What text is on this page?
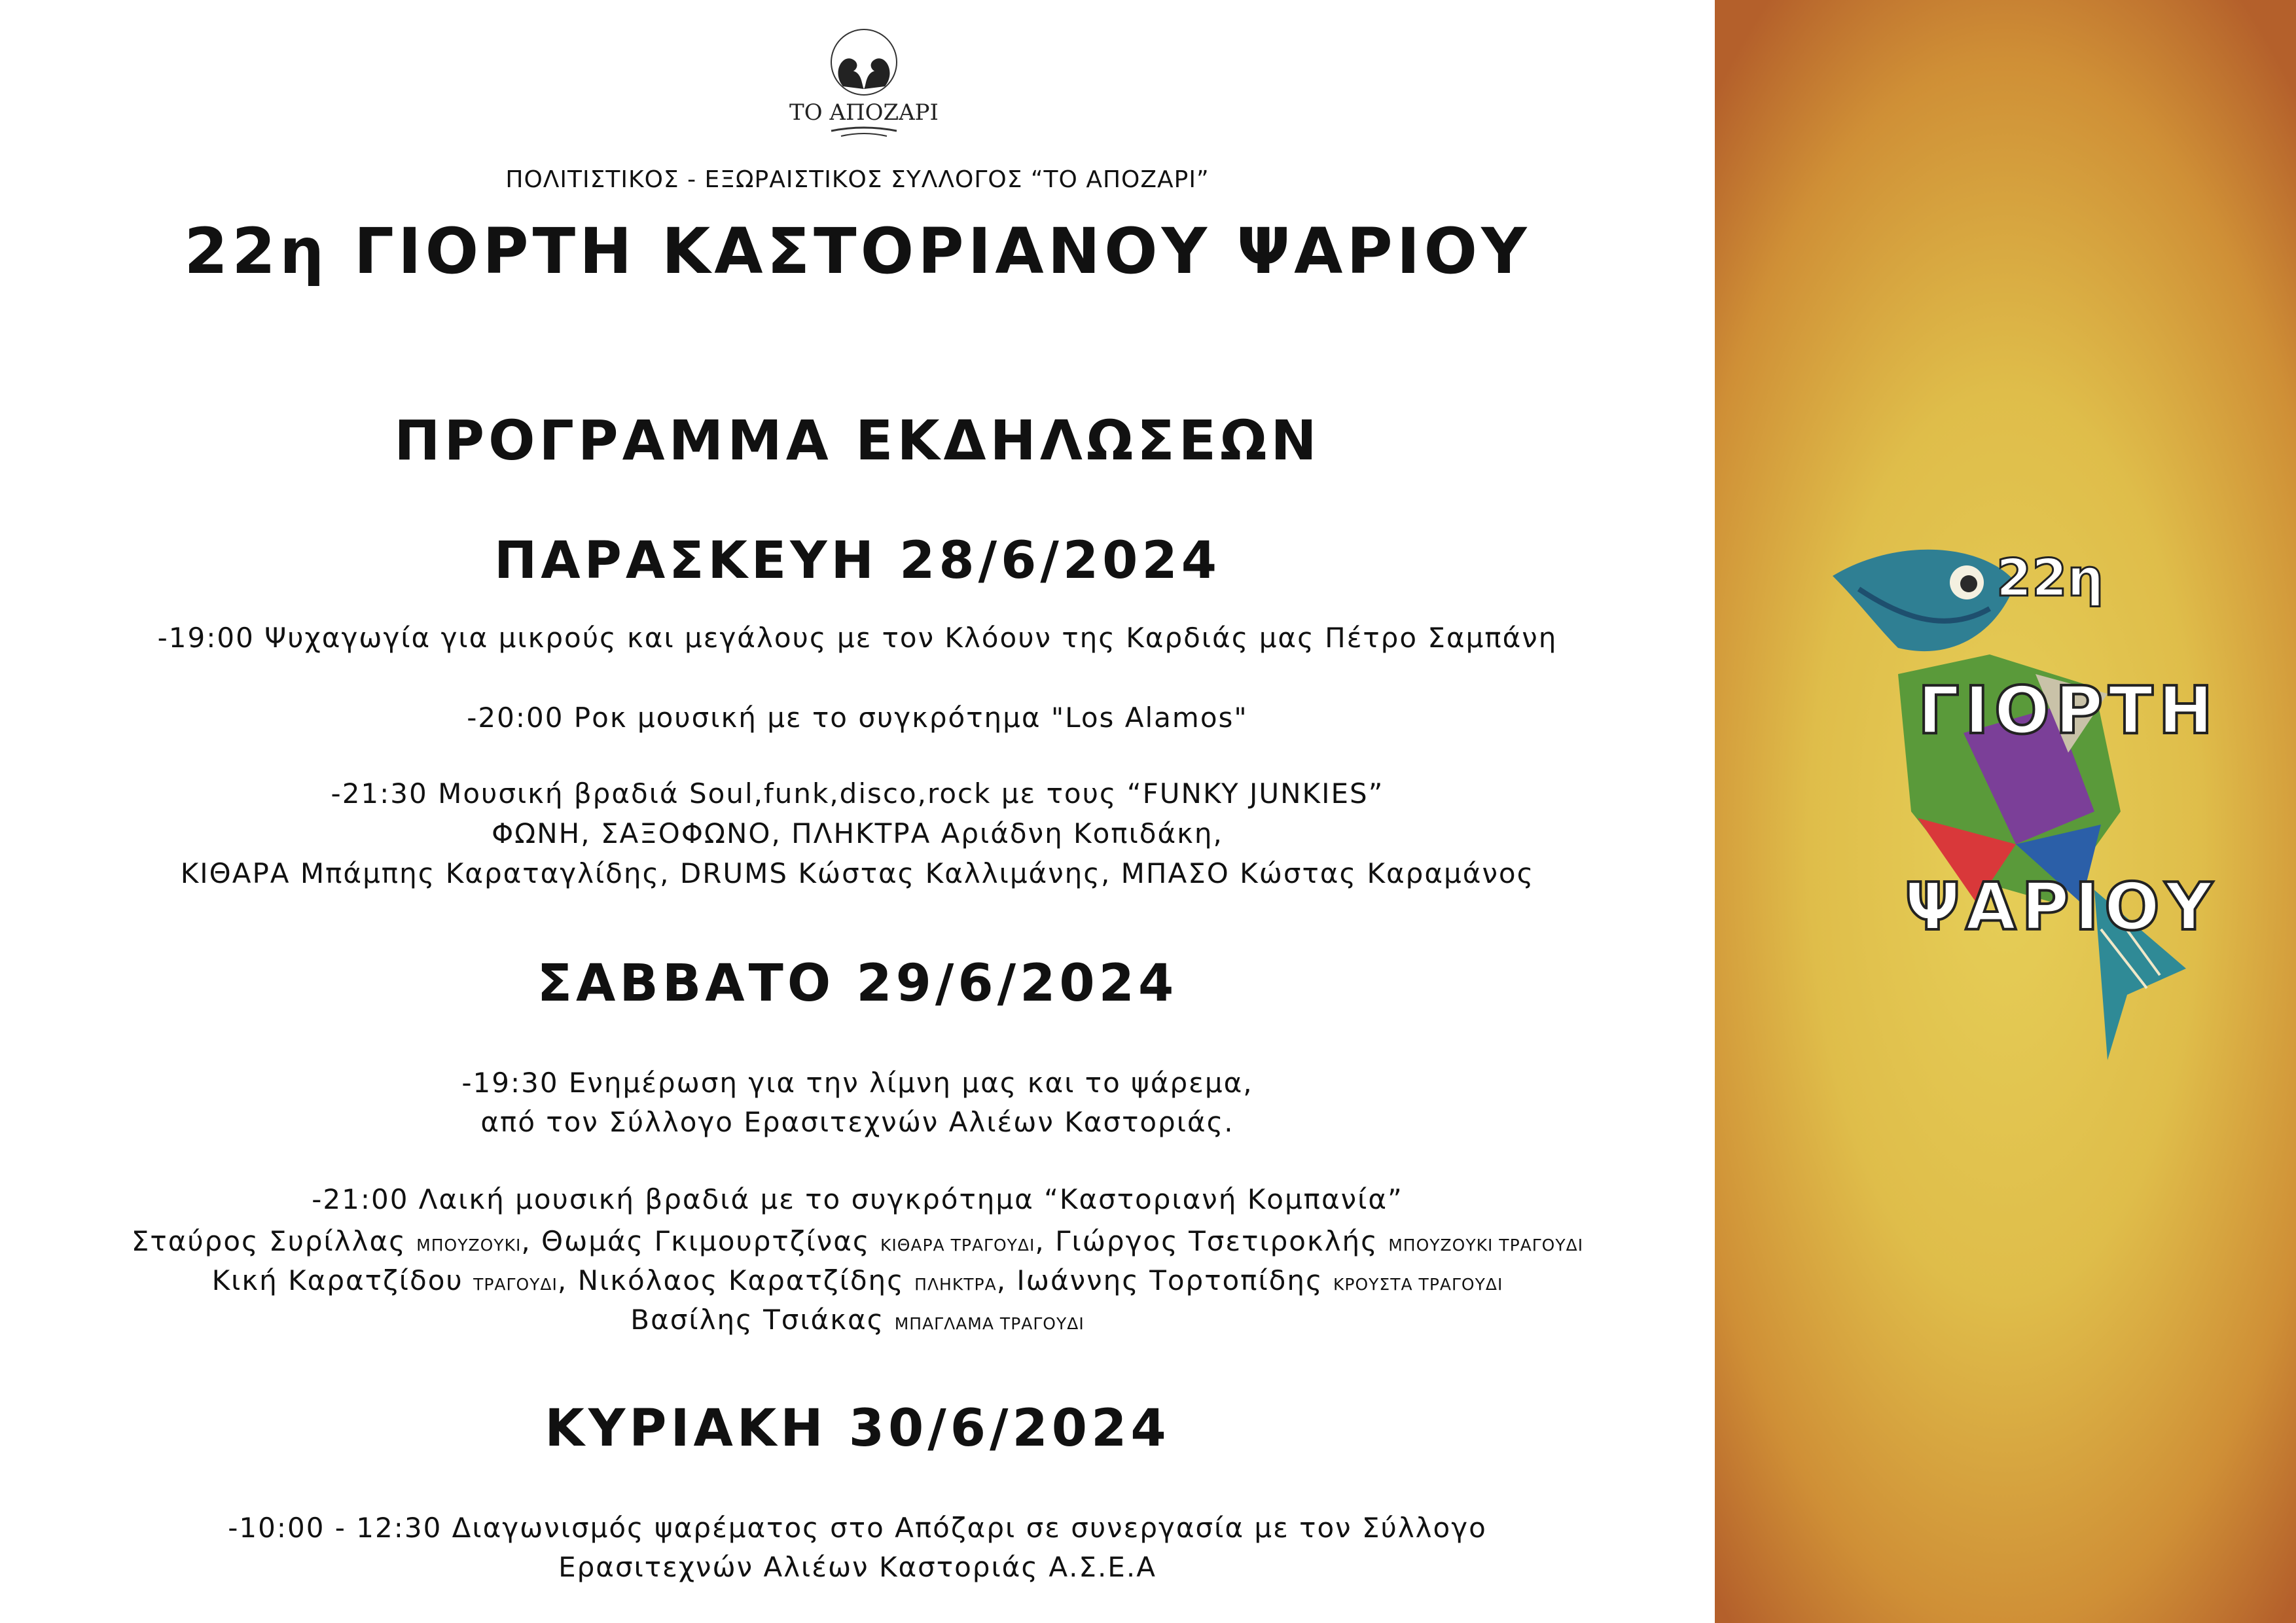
ΤΟ ΑΠΟΖΑΡΙ
ΠΟΛΙΤΙΣΤΙΚΟΣ - ΕΞΩΡΑΙΣΤΙΚΟΣ ΣΥΛΛΟΓΟΣ “ΤΟ ΑΠΟΖΑΡΙ”
22η ΓΙΟΡΤΗ ΚΑΣΤΟΡΙΑΝΟΥ ΨΑΡΙΟΥ
ΠΡΟΓΡΑΜΜΑ ΕΚΔΗΛΩΣΕΩΝ
ΠΑΡΑΣΚΕΥΗ 28/6/2024
-19:00 Ψυχαγωγία για μικρούς και μεγάλους με τον Κλόουν της Καρδιάς μας Πέτρο Σαμπάνη
-20:00 Ροκ μουσική με το συγκρότημα "Los Alamos"
-21:30 Μουσική βραδιά Soul,funk,disco,rock με τους “FUNKY JUNKIES”
ΦΩΝΗ, ΣΑΞΟΦΩΝΟ, ΠΛΗΚΤΡΑ Αριάδνη Κοπιδάκη,
ΚΙΘΑΡΑ Μπάμπης Καραταγλίδης, DRUMS Κώστας Καλλιμάνης, ΜΠΑΣΟ Κώστας Καραμάνος
ΣΑΒΒΑΤΟ 29/6/2024
-19:30 Ενημέρωση για την λίμνη μας και το ψάρεμα,
από τον Σύλλογο Ερασιτεχνών Αλιέων Καστοριάς.
-21:00 Λαική μουσική βραδιά με το συγκρότημα “Καστοριανή Κομπανία”
Σταύρος Συρίλλας ΜΠΟΥΖΟΥΚΙ, Θωμάς Γκιμουρτζίνας ΚΙΘΑΡΑ ΤΡΑΓΟΥΔΙ, Γιώργος Τσετιροκλής ΜΠΟΥΖΟΥΚΙ ΤΡΑΓΟΥΔΙ
Κική Καρατζίδου ΤΡΑΓΟΥΔΙ, Νικόλαος Καρατζίδης ΠΛΗΚΤΡΑ, Ιωάννης Τορτοπίδης ΚΡΟΥΣΤΑ ΤΡΑΓΟΥΔΙ
Βασίλης Τσιάκας ΜΠΑΓΛΑΜΑ ΤΡΑΓΟΥΔΙ
ΚΥΡΙΑΚΗ 30/6/2024
-10:00 - 12:30 Διαγωνισμός ψαρέματος στο Απόζαρι σε συνεργασία με τον Σύλλογο
Ερασιτεχνών Αλιέων Καστοριάς Α.Σ.Ε.Α
22η
ΓΙΟΡΤΗ
ΨΑΡΙΟΥ
